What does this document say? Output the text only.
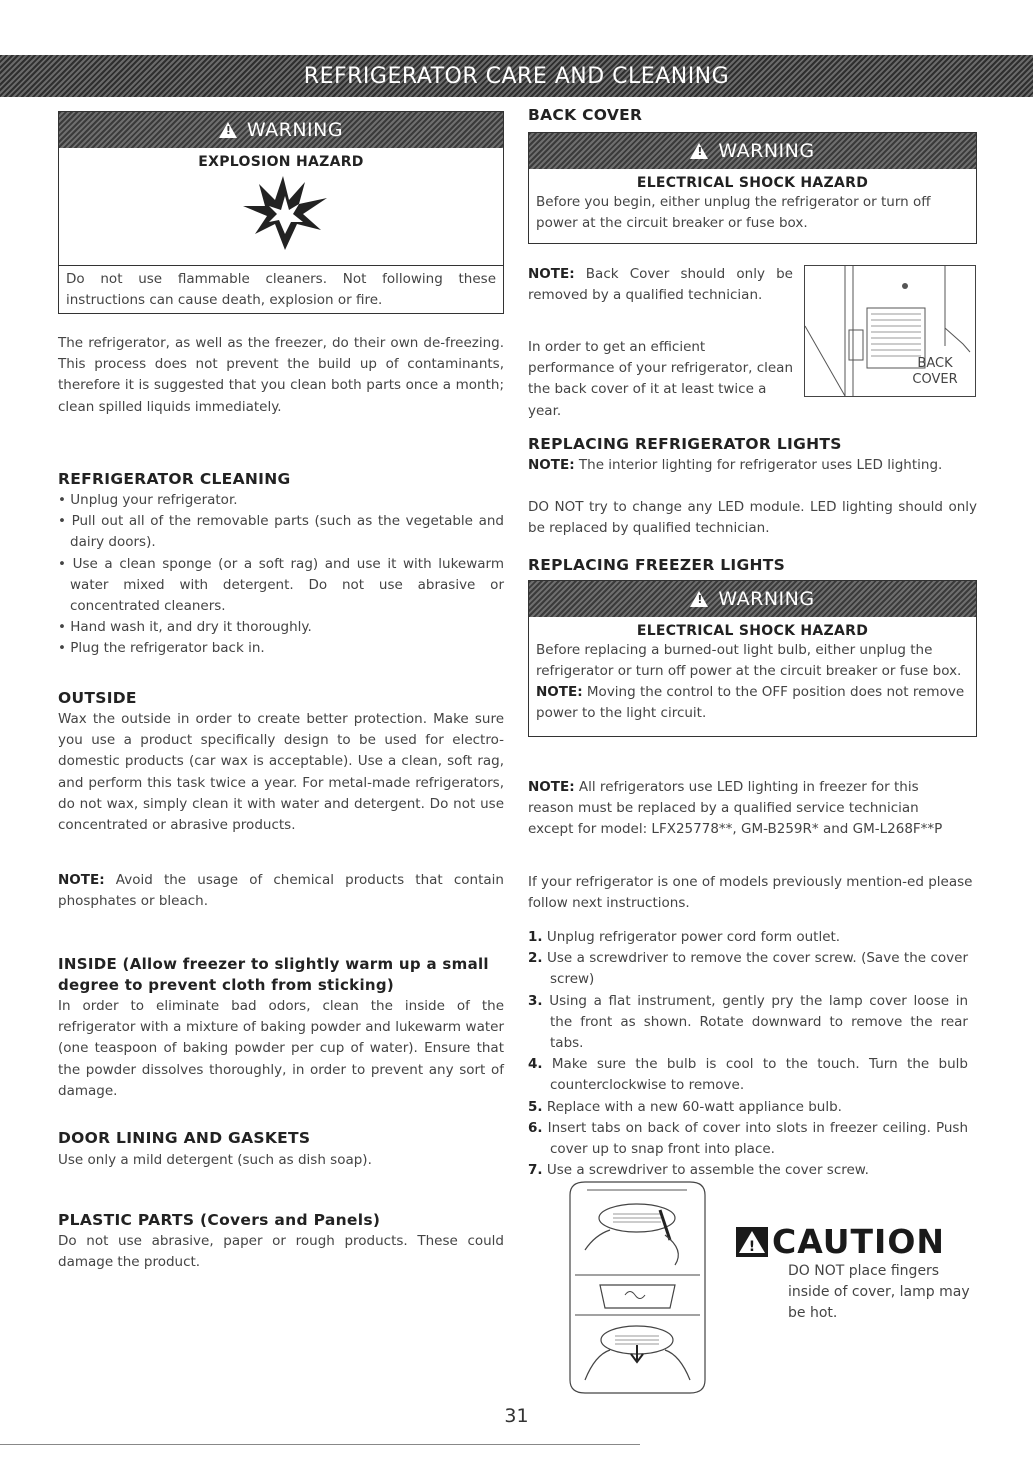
REFRIGERATOR CARE AND CLEANING
!
WARNING
EXPLOSION HAZARD
Do not use flammable cleaners. Not following these instructions can cause death, explosion or fire.
The refrigerator, as well as the freezer, do their own de-freezing. This process does not prevent the build up of contaminants, therefore it is suggested that you clean both parts once a month; clean spilled liquids immediately.
REFRIGERATOR CLEANING
• Unplug your refrigerator.
• Pull out all of the removable parts (such as the vegetable and dairy doors).
• Use a clean sponge (or a soft rag) and use it with lukewarm water mixed with detergent. Do not use abrasive or concentrated cleaners.
• Hand wash it, and dry it thoroughly.
• Plug the refrigerator back in.
OUTSIDE
Wax the outside in order to create better protection. Make sure you use a product specifically design to be used for electro-domestic products (car wax is acceptable). Use a clean, soft rag, and perform this task twice a year. For metal-made refrigerators, do not wax, simply clean it with water and detergent. Do not use concentrated or abrasive products.
NOTE: Avoid the usage of chemical products that contain phosphates or bleach.
INSIDE (Allow freezer to slightly warm up a small degree to prevent cloth from sticking)
In order to eliminate bad odors, clean the inside of the refrigerator with a mixture of baking powder and lukewarm water (one teaspoon of baking powder per cup of water). Ensure that the powder dissolves thoroughly, in order to prevent any sort of damage.
DOOR LINING AND GASKETS
Use only a mild detergent (such as dish soap).
PLASTIC PARTS (Covers and Panels)
Do not use abrasive, paper or rough products. These could damage the product.
BACK COVER
!
WARNING
ELECTRICAL SHOCK HAZARD
Before you begin, either unplug the refrigerator or turn off power at the circuit breaker or fuse box.
NOTE: Back Cover should only be removed by a qualified technician.
In order to get an efficient performance of your refrigerator, clean the back cover of it at least twice a year.
BACK
COVER
REPLACING REFRIGERATOR LIGHTS
NOTE: The interior lighting for refrigerator uses LED lighting.
DO NOT try to change any LED module. LED lighting should only be replaced by qualified technician.
REPLACING FREEZER LIGHTS
!
WARNING
ELECTRICAL SHOCK HAZARD
Before replacing a burned-out light bulb, either unplug the refrigerator or turn off power at the circuit breaker or fuse box.
NOTE: Moving the control to the OFF position does not remove power to the light circuit.
NOTE: All refrigerators use LED lighting in freezer for this reason must be replaced by a qualified service technician except for model: LFX25778**, GM-B259R* and GM-L268F**P
If your refrigerator is one of models previously mention-ed please follow next instructions.
1. Unplug refrigerator power cord form outlet.
2. Use a screwdriver to remove the cover screw. (Save the cover screw)
3. Using a flat instrument, gently pry the lamp cover loose in the front as shown. Rotate downward to remove the rear tabs.
4. Make sure the bulb is cool to the touch. Turn the bulb counterclockwise to remove.
5. Replace with a new 60-watt appliance bulb.
6. Insert tabs on back of cover into slots in freezer ceiling. Push cover up to snap front into place.
7. Use a screwdriver to assemble the cover screw.
! CAUTION
DO NOT place fingers inside of cover, lamp may be hot.
31
